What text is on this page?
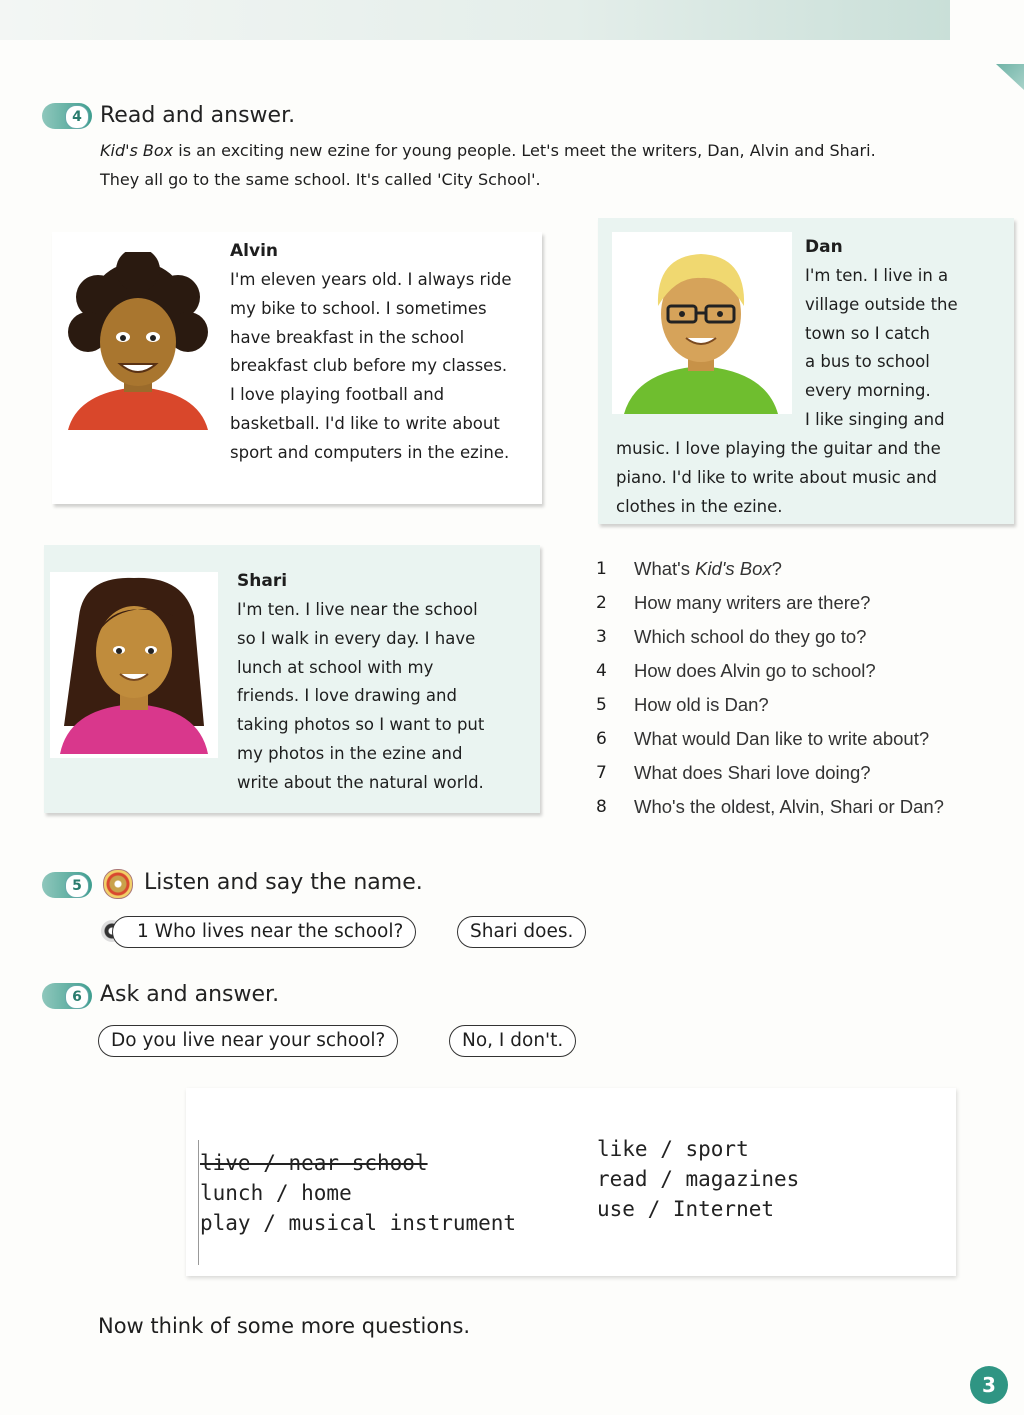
4 Read and answer.
Kid's Box is an exciting new ezine for young people. Let's meet the writers, Dan, Alvin and Shari.
They all go to the same school. It's called 'City School'.
Alvin
I'm eleven years old. I always ride
my bike to school. I sometimes
have breakfast in the school
breakfast club before my classes.
I love playing football and
basketball. I'd like to write about
sport and computers in the ezine.
Dan
I'm ten. I live in a
village outside the
town so I catch
a bus to school
every morning.
I like singing and
music. I love playing the guitar and the
piano. I'd like to write about music and
clothes in the ezine.
Shari
I'm ten. I live near the school
so I walk in every day. I have
lunch at school with my
friends. I love drawing and
taking photos so I want to put
my photos in the ezine and
write about the natural world.
1	What's Kid's Box?
2	How many writers are there?
3	Which school do they go to?
4	How does Alvin go to school?
5	How old is Dan?
6	What would Dan like to write about?
7	What does Shari love doing?
8	Who's the oldest, Alvin, Shari or Dan?
5	Listen and say the name.
1 Who lives near the school?	Shari does.
6 Ask and answer.
Do you live near your school?	No, I don't.
live / near school
lunch / home
play / musical instrument
like / sport
read / magazines
use / Internet
Now think of some more questions.
3
